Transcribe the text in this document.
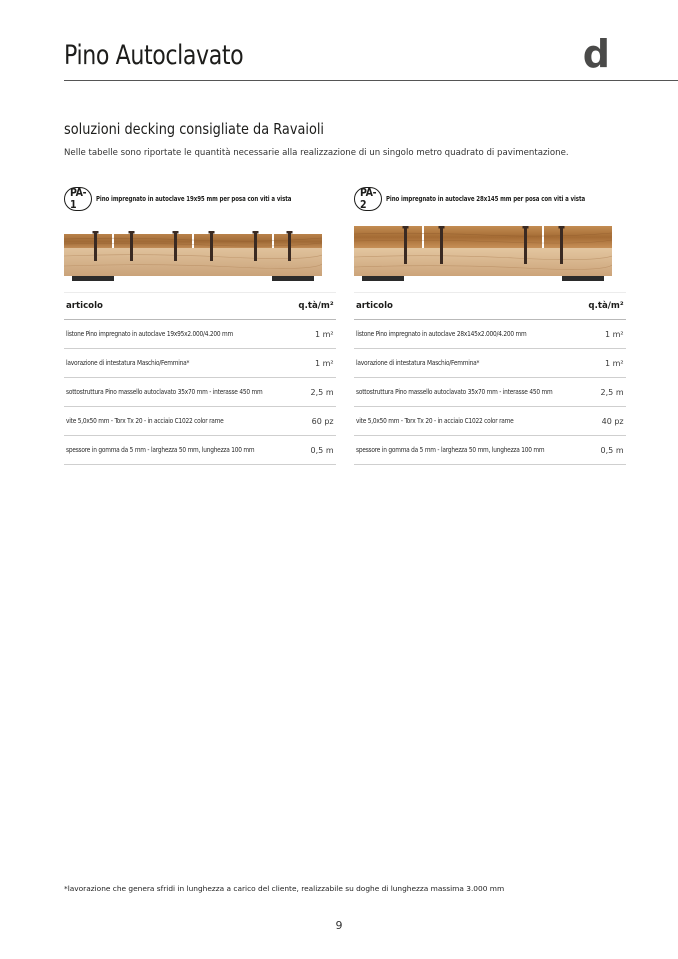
Pino Autoclavato	d
soluzioni decking consigliate da Ravaioli
Nelle tabelle sono riportate le quantità necessarie alla realizzazione di un singolo metro quadrato di pavimentazione.
PA-1	Pino impregnato in autoclave 19x95 mm per posa con viti a vista
articolo	q.tà/m²
listone Pino impregnato in autoclave 19x95x2.000/4.200 mm	1 m²
lavorazione di intestatura Maschio/Femmina*	1 m²
sottostruttura Pino massello autoclavato 35x70 mm - interasse 450 mm	2,5 m
vite 5,0x50 mm - Torx Tx 20 - in acciaio C1022 color rame	60 pz
spessore in gomma da 5 mm - larghezza 50 mm, lunghezza 100 mm	0,5 m
PA-2	Pino impregnato in autoclave 28x145 mm per posa con viti a vista
articolo	q.tà/m²
listone Pino impregnato in autoclave 28x145x2.000/4.200 mm	1 m²
lavorazione di intestatura Maschio/Femmina*	1 m²
sottostruttura Pino massello autoclavato 35x70 mm - interasse 450 mm	2,5 m
vite 5,0x50 mm - Torx Tx 20 - in acciaio C1022 color rame	40 pz
spessore in gomma da 5 mm - larghezza 50 mm, lunghezza 100 mm	0,5 m
*lavorazione che genera sfridi in lunghezza a carico del cliente, realizzabile su doghe di lunghezza massima 3.000 mm
9
